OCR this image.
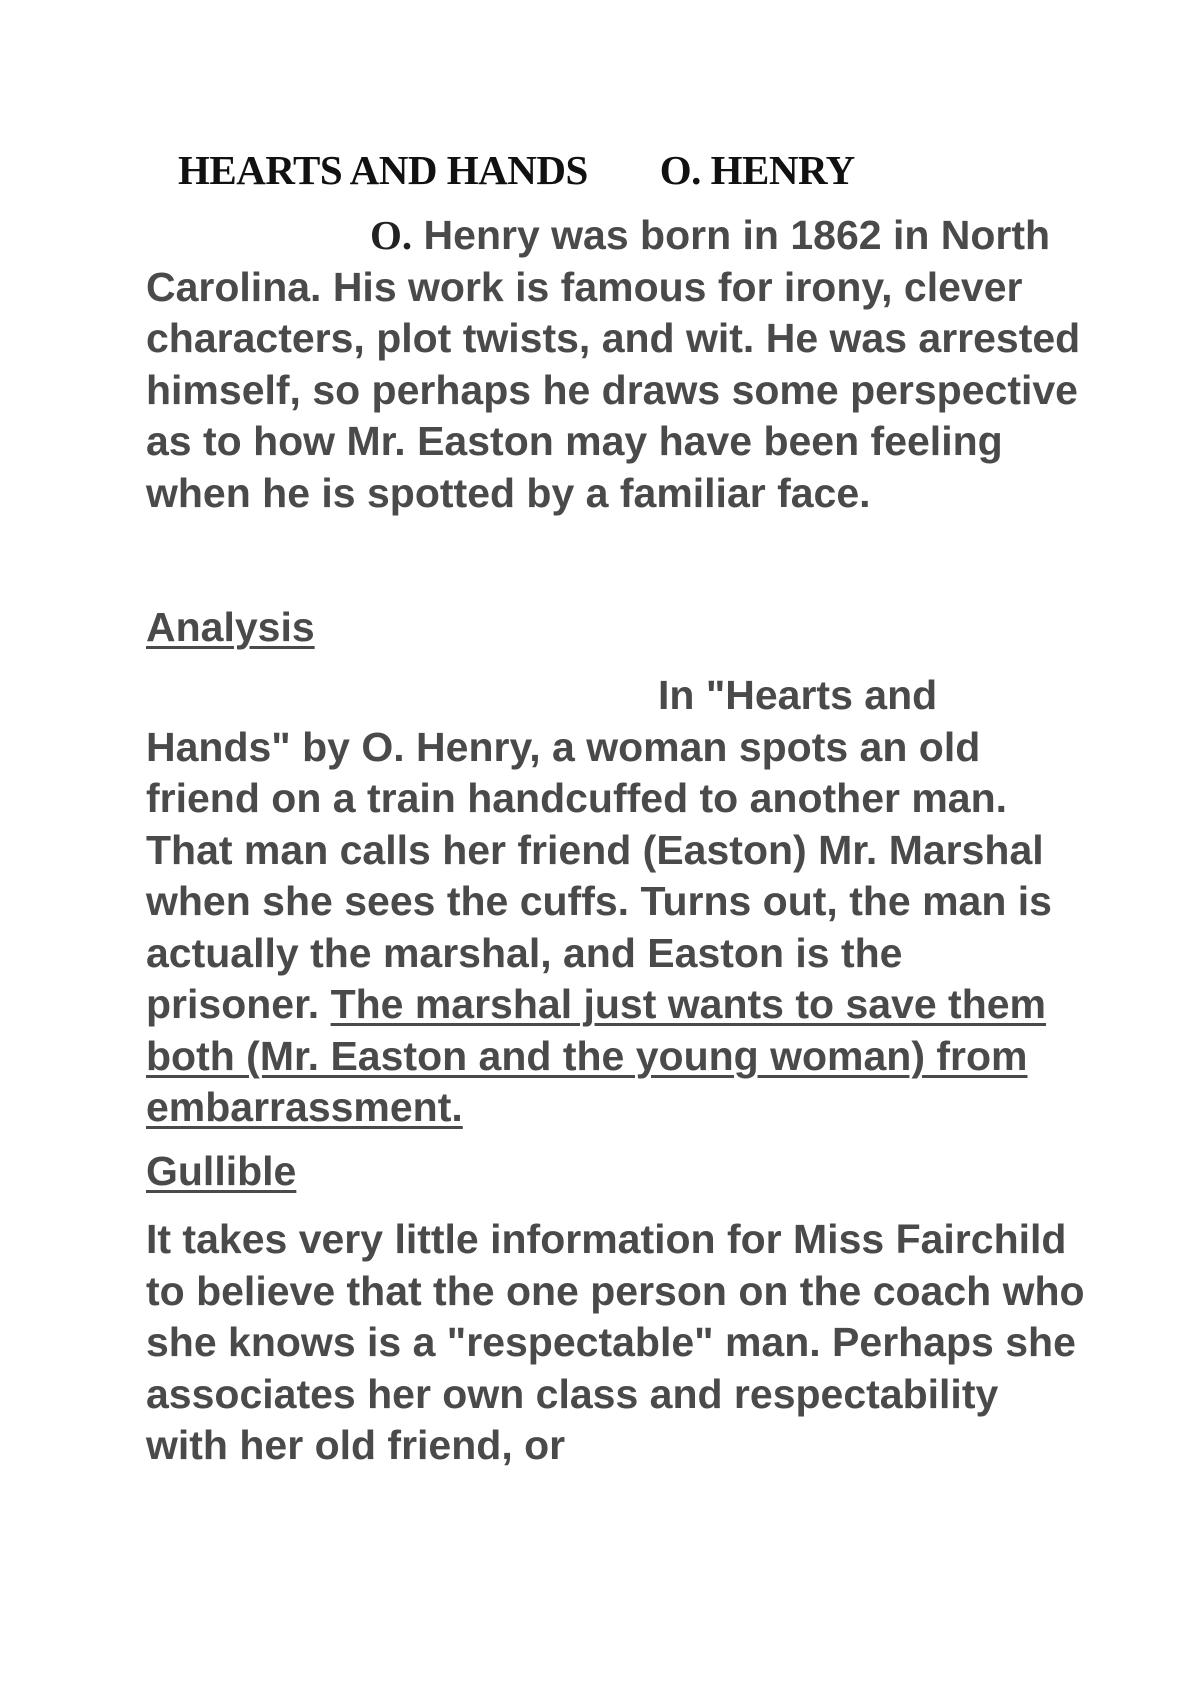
HEARTS AND HANDS O. HENRY
O. Henry was born in 1862 in North Carolina. His work is famous for irony, clever characters, plot twists, and wit. He was arrested himself, so perhaps he draws some perspective as to how Mr. Easton may have been feeling when he is spotted by a familiar face.
Analysis
In "Hearts and Hands" by O. Henry, a woman spots an old friend on a train handcuffed to another man. That man calls her friend (Easton) Mr. Marshal when she sees the cuffs. Turns out, the man is actually the marshal, and Easton is the prisoner. The marshal just wants to save them both (Mr. Easton and the young woman) from embarrassment.
Gullible
It takes very little information for Miss Fairchild to believe that the one person on the coach who she knows is a "respectable" man. Perhaps she associates her own class and respectability with her old friend, or
